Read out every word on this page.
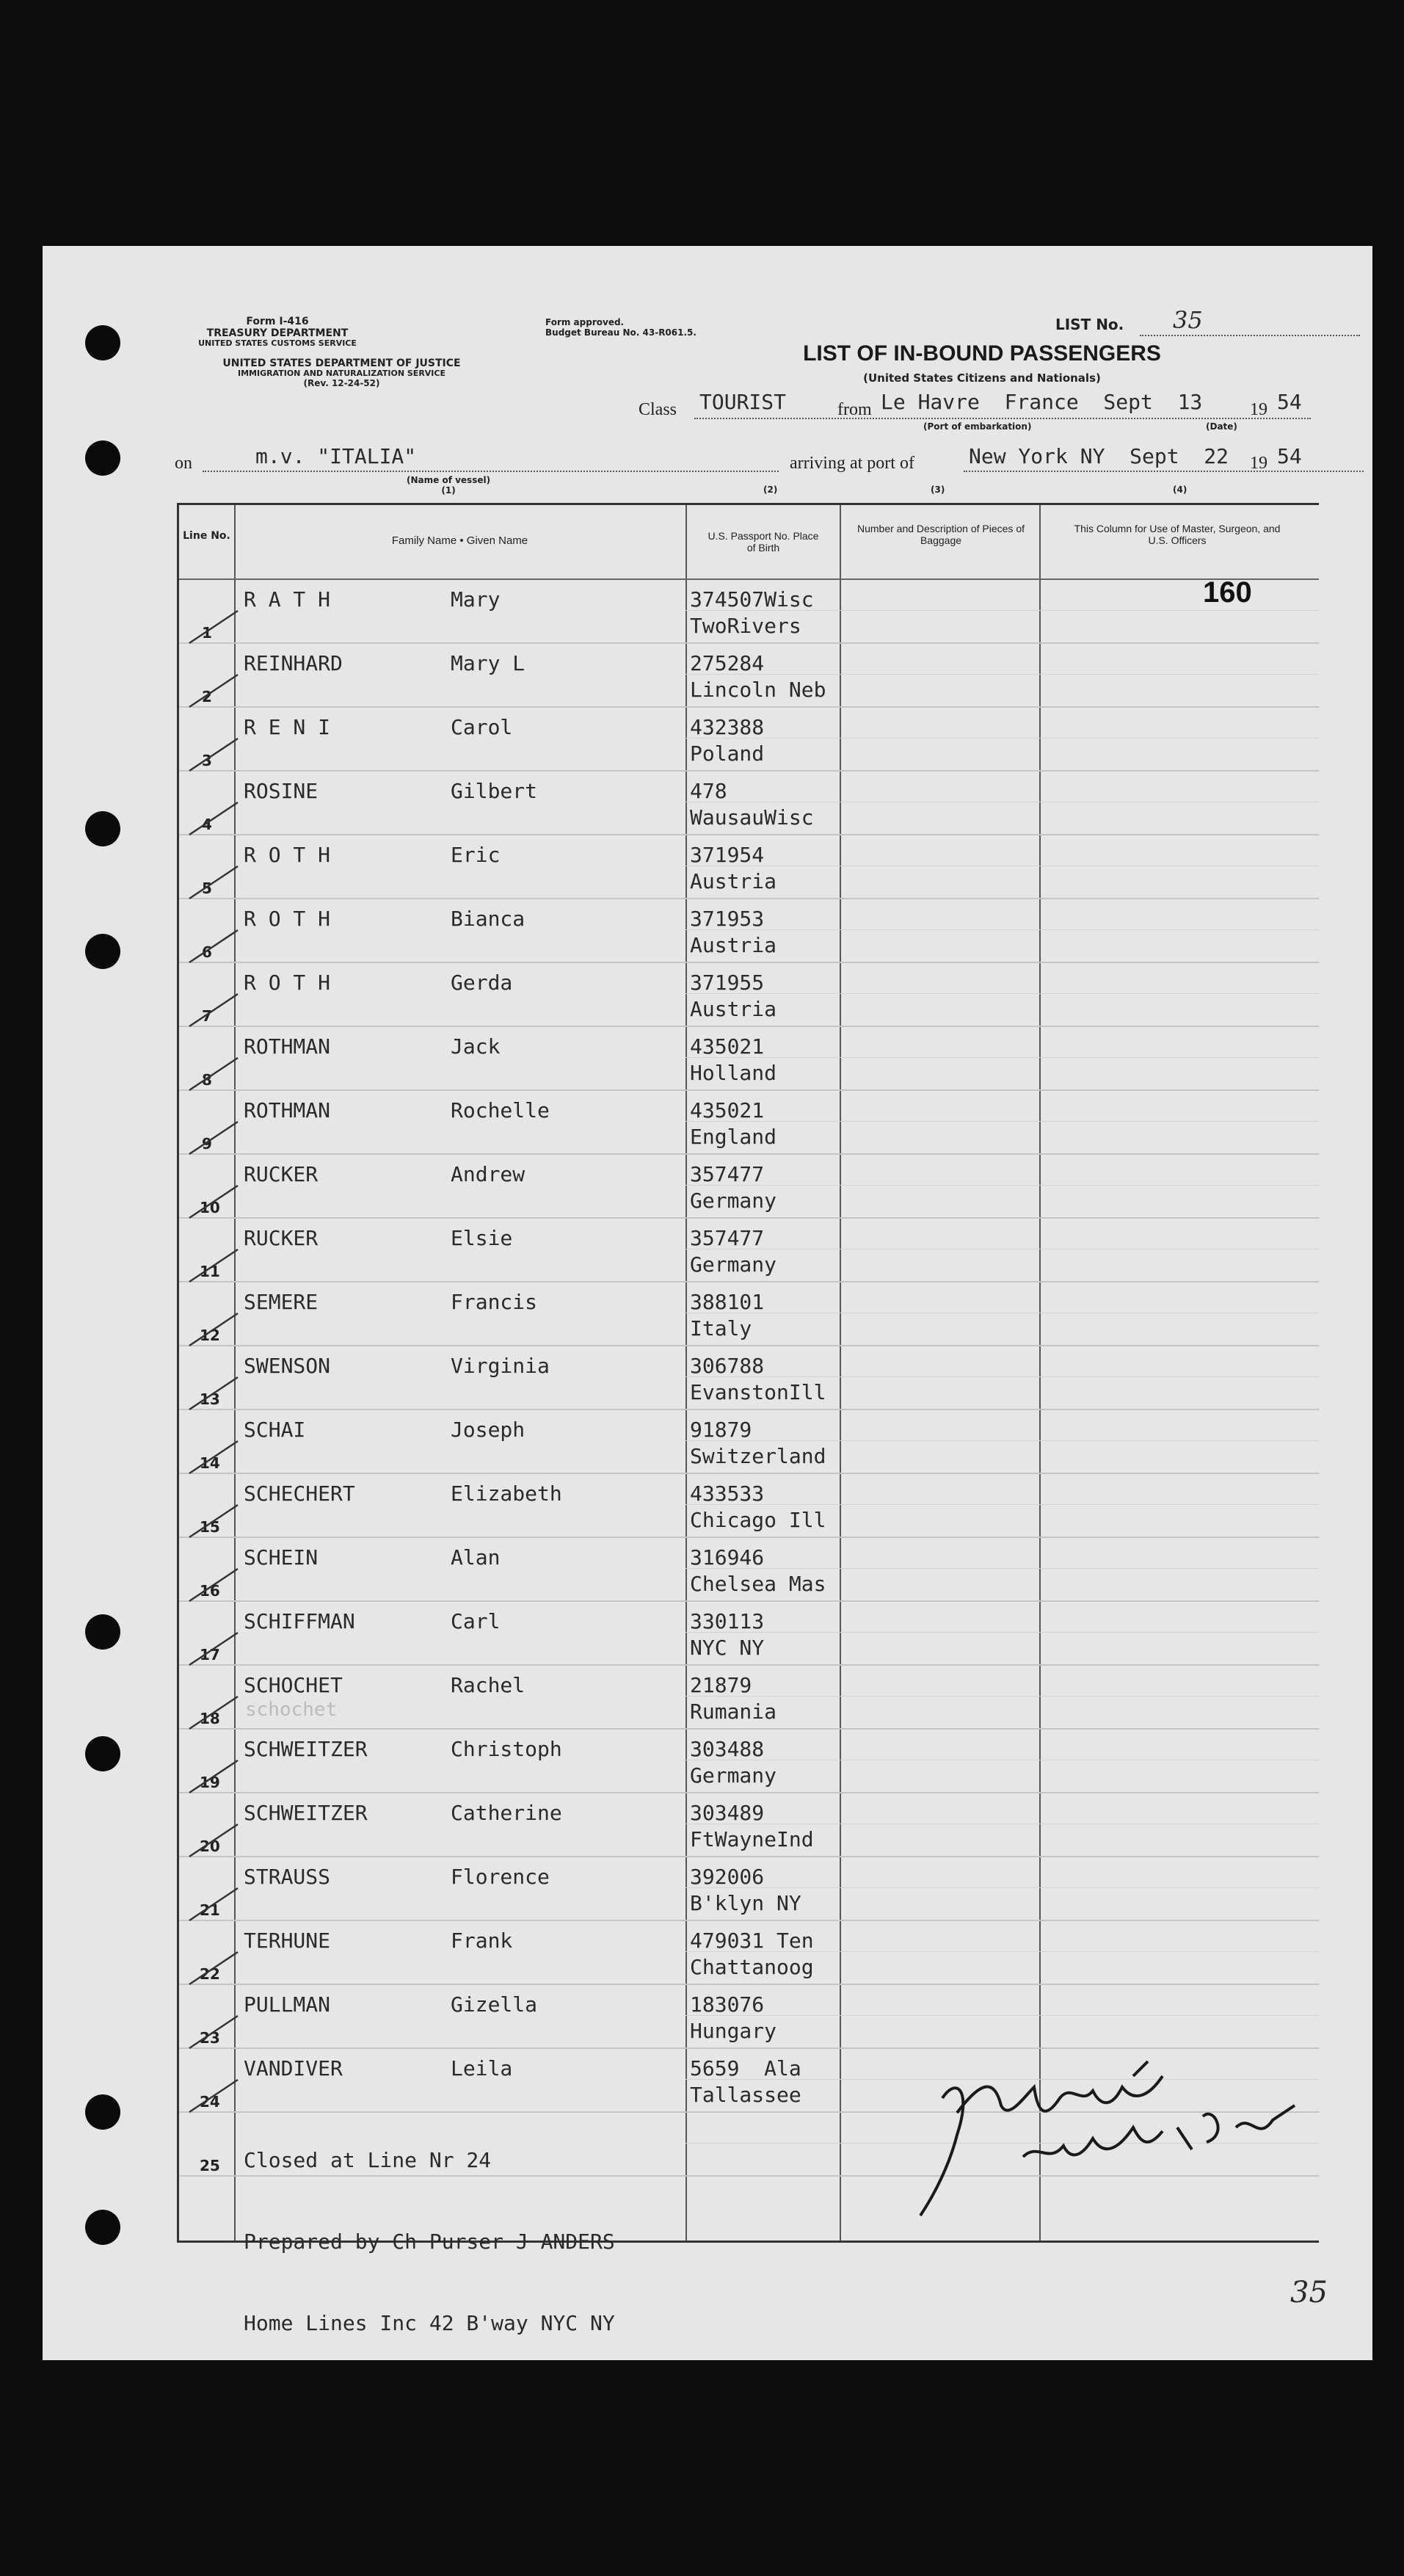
Form I-416
TREASURY DEPARTMENT
UNITED STATES CUSTOMS SERVICE
UNITED STATES DEPARTMENT OF JUSTICE
IMMIGRATION AND NATURALIZATION SERVICE
(Rev. 12-24-52)
Form approved.
Budget Bureau No. 43-R061.5.	LIST No. 35
LIST OF IN-BOUND PASSENGERS
(United States Citizens and Nationals)
Class TOURIST	from Le Havre  France  Sept  13	19 54
(Port of embarkation)	(Date)
on	m.v. "ITALIA"
(Name of vessel)
(1)
arriving at port of	New York NY  Sept  22 19 54
(2)	(3)	(4)
Line No.	Family Name • Given Name	U.S. Passport No. Place of Birth
Number and Description of Pieces of Baggage
This Column for Use of Master, Surgeon, and U.S. Officers
1
R A T H	Mary	374507Wisc
TwoRivers
2
REINHARD	Mary L	275284
Lincoln Neb
3
R E N I	Carol	432388
Poland
4
ROSINE	Gilbert	478
WausauWisc
5
R O T H	Eric	371954
Austria
6
R O T H	Bianca	371953
Austria
7
R O T H	Gerda	371955
Austria
8
ROTHMAN	Jack	435021
Holland
9
ROTHMAN	Rochelle	435021
England
10
RUCKER	Andrew	357477
Germany
11
RUCKER	Elsie	357477
Germany
12
SEMERE	Francis	388101
Italy
13
SWENSON	Virginia	306788
EvanstonIll
14
SCHAI	Joseph	91879
Switzerland
15
SCHECHERT	Elizabeth	433533
Chicago Ill
16
SCHEIN	Alan	316946
Chelsea Mas
17
SCHIFFMAN	Carl	330113
NYC NY
18
SCHOCHET	Rachel	21879
Rumania
19
SCHWEITZER	Christoph	303488
Germany
20
SCHWEITZER	Catherine	303489
FtWayneInd
21
STRAUSS	Florence	392006
B'klyn NY
22
TERHUNE	Frank	479031 Ten
Chattanoog
23
PULLMAN	Gizella	183076
Hungary
24
VANDIVER	Leila	5659  Ala
Tallassee
25
160
schochet

Closed at Line Nr 24

Prepared by Ch Purser J ANDERS

Home Lines Inc 42 B'way NYC NY

35
